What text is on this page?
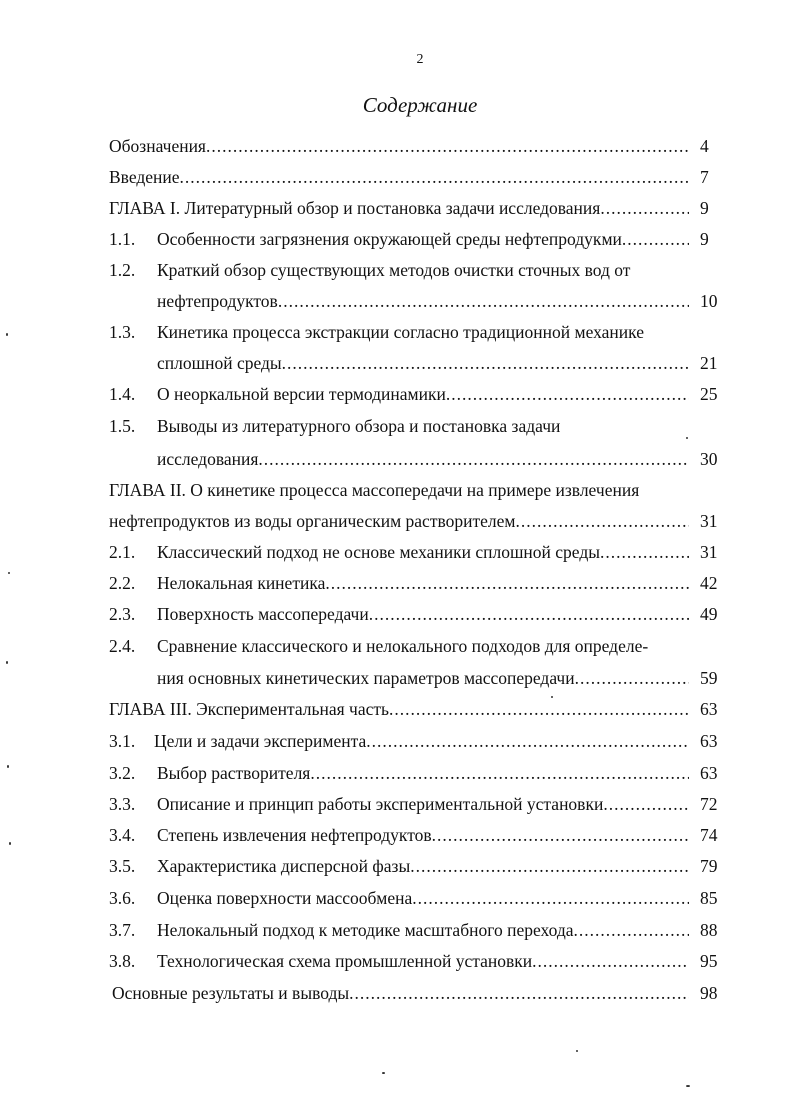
2
Содержание
Обозначения .....	4
Введение .....	7
ГЛАВА I. Литературный обзор и постановка задачи исследования .....	9
1.1. Особенности загрязнения окружающей среды нефтепродукми .....	9
1.2. Краткий обзор существующих методов очистки сточных вод от
нефтепродуктов .....	10
1.3. Кинетика процесса экстракции согласно традиционной механике
сплошной среды .....	21
1.4. О неоркальной версии термодинамики .....	25
1.5. Выводы из литературного обзора и постановка задачи
исследования .....	30
ГЛАВА II. О кинетике процесса массопередачи на примере извлечения
нефтепродуктов из воды органическим растворителем .....	31
2.1. Классический подход не основе механики сплошной среды .....	31
2.2. Нелокальная кинетика .....	42
2.3. Поверхность массопередачи .....	49
2.4. Сравнение классического и нелокального подходов для определе-
ния основных кинетических параметров массопередачи .....	59
ГЛАВА III. Экспериментальная часть .....	63
3.1. Цели и задачи эксперимента .....	63
3.2. Выбор растворителя .....	63
3.3. Описание и принцип работы экспериментальной установки .....	72
3.4. Степень извлечения нефтепродуктов .....	74
3.5. Характеристика дисперсной фазы .....	79
3.6. Оценка поверхности массообмена .....	85
3.7. Нелокальный подход к методике масштабного перехода .....	88
3.8. Технологическая схема промышленной установки .....	95
Основные результаты и выводы .....	98
